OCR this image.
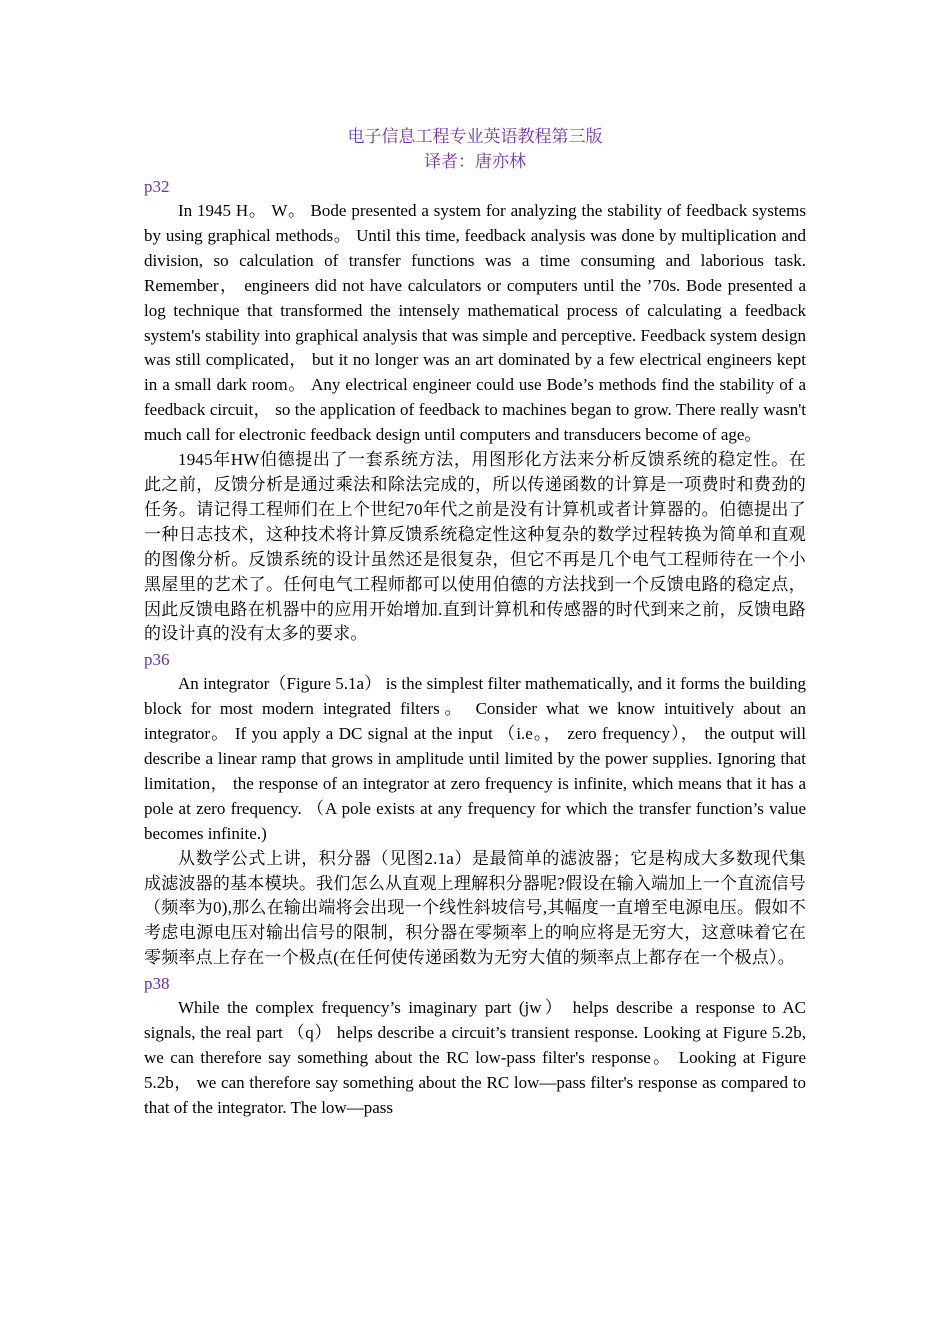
电子信息工程专业英语教程第三版
译者：唐亦林
p32

In 1945 H。 W。 Bode presented a system for analyzing the stability of feedback systems by using graphical methods。 Until this time, feedback analysis was done by multiplication and division, so calculation of transfer functions was a time consuming and laborious task. Remember， engineers did not have calculators or computers until the ’70s. Bode presented a log technique that transformed the intensely mathematical process of calculating a feedback system's stability into graphical analysis that was simple and perceptive. Feedback system design was still complicated， but it no longer was an art dominated by a few electrical engineers kept in a small dark room。 Any electrical engineer could use Bode’s methods find the stability of a feedback circuit， so the application of feedback to machines began to grow. There really wasn't much call for electronic feedback design until computers and transducers become of age。

1945年HW伯德提出了一套系统方法，用图形化方法来分析反馈系统的稳定性。在此之前，反馈分析是通过乘法和除法完成的，所以传递函数的计算是一项费时和费劲的任务。请记得工程师们在上个世纪70年代之前是没有计算机或者计算器的。伯德提出了一种日志技术，这种技术将计算反馈系统稳定性这种复杂的数学过程转换为简单和直观的图像分析。反馈系统的设计虽然还是很复杂，但它不再是几个电气工程师待在一个小黑屋里的艺术了。任何电气工程师都可以使用伯德的方法找到一个反馈电路的稳定点，因此反馈电路在机器中的应用开始增加.直到计算机和传感器的时代到来之前，反馈电路的设计真的没有太多的要求。

p36

An integrator（Figure 5.1a） is the simplest filter mathematically, and it forms the building block for most modern integrated filters。 Consider what we know intuitively about an integrator。 If you apply a DC signal at the input （i.e。， zero frequency）， the output will describe a linear ramp that grows in amplitude until limited by the power supplies. Ignoring that limitation， the response of an integrator at zero frequency is infinite, which means that it has a pole at zero frequency. （A pole exists at any frequency for which the transfer function’s value becomes infinite.)

从数学公式上讲，积分器（见图2.1a）是最简单的滤波器；它是构成大多数现代集成滤波器的基本模块。我们怎么从直观上理解积分器呢?假设在输入端加上一个直流信号（频率为0),那么在输出端将会出现一个线性斜坡信号,其幅度一直增至电源电压。假如不考虑电源电压对输出信号的限制，积分器在零频率上的响应将是无穷大，这意味着它在零频率点上存在一个极点(在任何使传递函数为无穷大值的频率点上都存在一个极点）。

p38

While the complex frequency’s imaginary part (jw） helps describe a response to AC signals, the real part （q） helps describe a circuit’s transient response. Looking at Figure 5.2b, we can therefore say something about the RC low-pass filter's response。 Looking at Figure 5.2b， we can therefore say something about the RC low—pass filter's response as compared to that of the integrator. The low—pass
